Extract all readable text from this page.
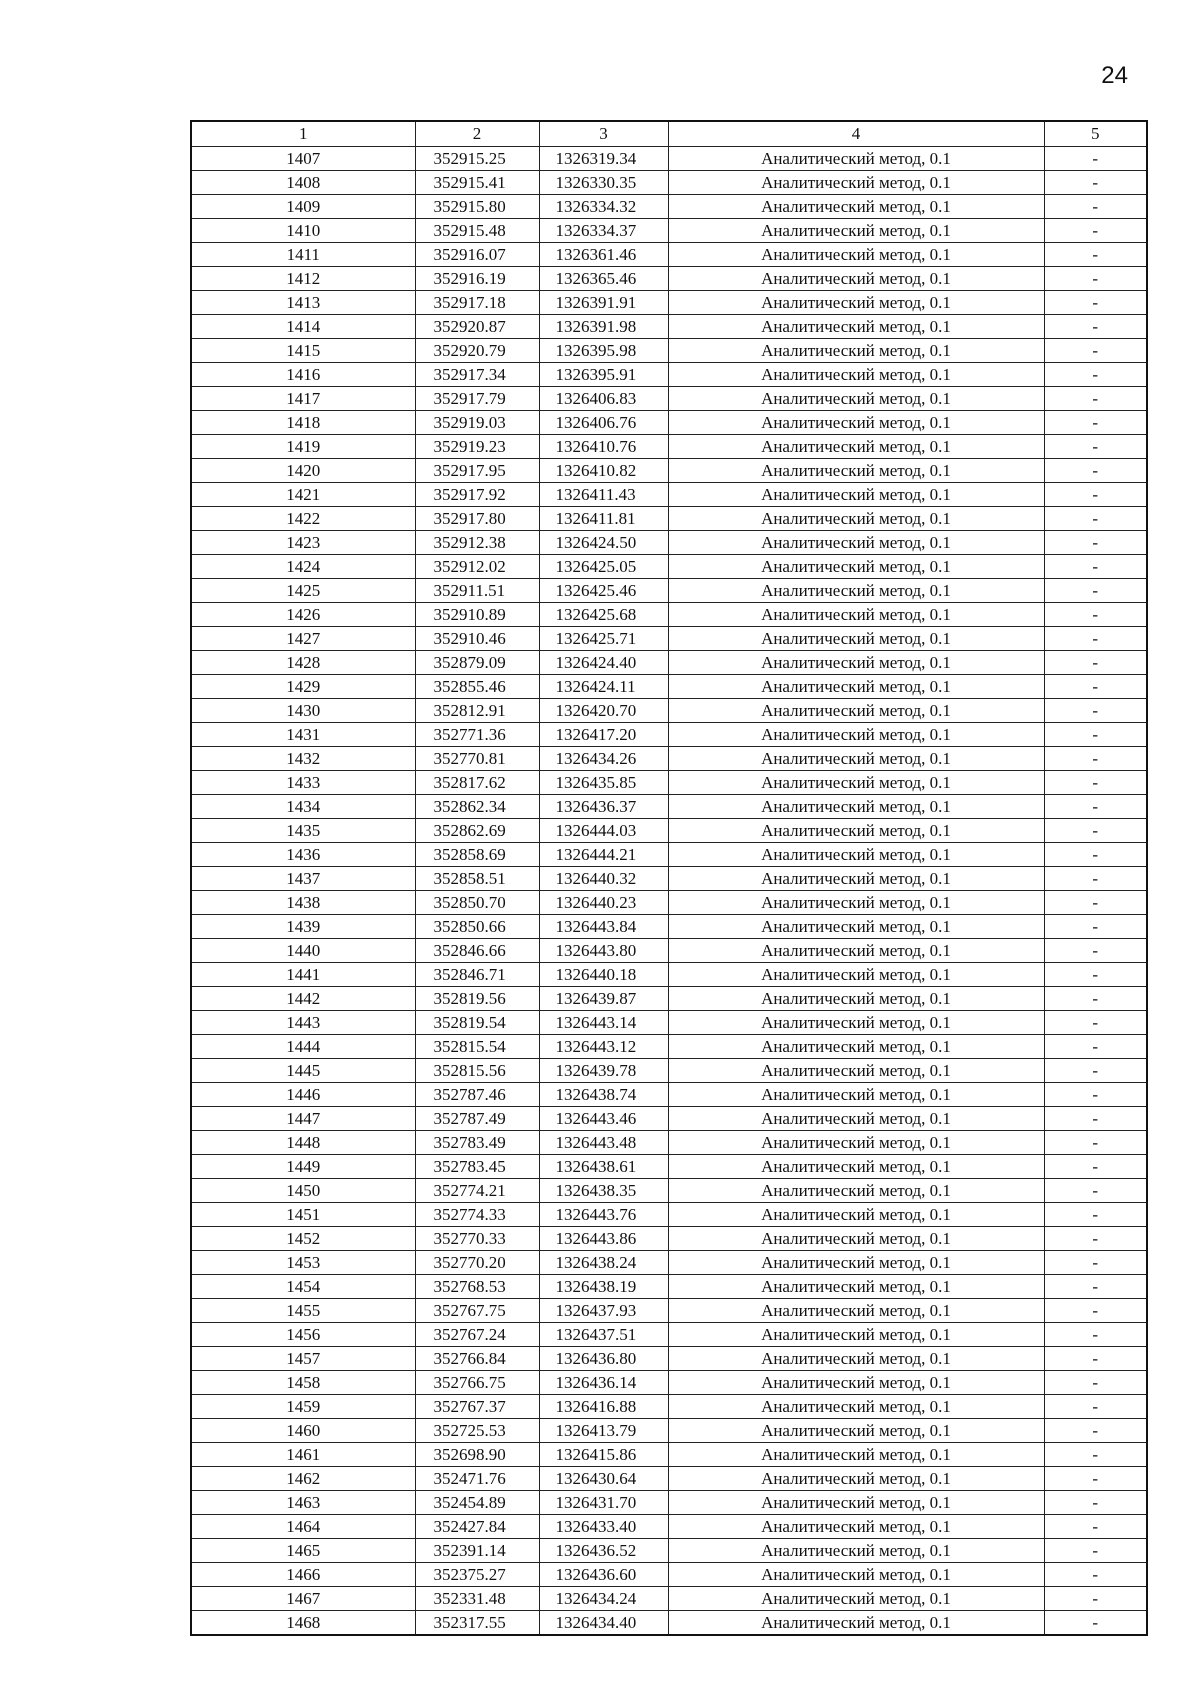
24
1	2	3	4	5
1407	352915.25	1326319.34	Аналитический метод, 0.1	-
1408	352915.41	1326330.35	Аналитический метод, 0.1	-
1409	352915.80	1326334.32	Аналитический метод, 0.1	-
1410	352915.48	1326334.37	Аналитический метод, 0.1	-
1411	352916.07	1326361.46	Аналитический метод, 0.1	-
1412	352916.19	1326365.46	Аналитический метод, 0.1	-
1413	352917.18	1326391.91	Аналитический метод, 0.1	-
1414	352920.87	1326391.98	Аналитический метод, 0.1	-
1415	352920.79	1326395.98	Аналитический метод, 0.1	-
1416	352917.34	1326395.91	Аналитический метод, 0.1	-
1417	352917.79	1326406.83	Аналитический метод, 0.1	-
1418	352919.03	1326406.76	Аналитический метод, 0.1	-
1419	352919.23	1326410.76	Аналитический метод, 0.1	-
1420	352917.95	1326410.82	Аналитический метод, 0.1	-
1421	352917.92	1326411.43	Аналитический метод, 0.1	-
1422	352917.80	1326411.81	Аналитический метод, 0.1	-
1423	352912.38	1326424.50	Аналитический метод, 0.1	-
1424	352912.02	1326425.05	Аналитический метод, 0.1	-
1425	352911.51	1326425.46	Аналитический метод, 0.1	-
1426	352910.89	1326425.68	Аналитический метод, 0.1	-
1427	352910.46	1326425.71	Аналитический метод, 0.1	-
1428	352879.09	1326424.40	Аналитический метод, 0.1	-
1429	352855.46	1326424.11	Аналитический метод, 0.1	-
1430	352812.91	1326420.70	Аналитический метод, 0.1	-
1431	352771.36	1326417.20	Аналитический метод, 0.1	-
1432	352770.81	1326434.26	Аналитический метод, 0.1	-
1433	352817.62	1326435.85	Аналитический метод, 0.1	-
1434	352862.34	1326436.37	Аналитический метод, 0.1	-
1435	352862.69	1326444.03	Аналитический метод, 0.1	-
1436	352858.69	1326444.21	Аналитический метод, 0.1	-
1437	352858.51	1326440.32	Аналитический метод, 0.1	-
1438	352850.70	1326440.23	Аналитический метод, 0.1	-
1439	352850.66	1326443.84	Аналитический метод, 0.1	-
1440	352846.66	1326443.80	Аналитический метод, 0.1	-
1441	352846.71	1326440.18	Аналитический метод, 0.1	-
1442	352819.56	1326439.87	Аналитический метод, 0.1	-
1443	352819.54	1326443.14	Аналитический метод, 0.1	-
1444	352815.54	1326443.12	Аналитический метод, 0.1	-
1445	352815.56	1326439.78	Аналитический метод, 0.1	-
1446	352787.46	1326438.74	Аналитический метод, 0.1	-
1447	352787.49	1326443.46	Аналитический метод, 0.1	-
1448	352783.49	1326443.48	Аналитический метод, 0.1	-
1449	352783.45	1326438.61	Аналитический метод, 0.1	-
1450	352774.21	1326438.35	Аналитический метод, 0.1	-
1451	352774.33	1326443.76	Аналитический метод, 0.1	-
1452	352770.33	1326443.86	Аналитический метод, 0.1	-
1453	352770.20	1326438.24	Аналитический метод, 0.1	-
1454	352768.53	1326438.19	Аналитический метод, 0.1	-
1455	352767.75	1326437.93	Аналитический метод, 0.1	-
1456	352767.24	1326437.51	Аналитический метод, 0.1	-
1457	352766.84	1326436.80	Аналитический метод, 0.1	-
1458	352766.75	1326436.14	Аналитический метод, 0.1	-
1459	352767.37	1326416.88	Аналитический метод, 0.1	-
1460	352725.53	1326413.79	Аналитический метод, 0.1	-
1461	352698.90	1326415.86	Аналитический метод, 0.1	-
1462	352471.76	1326430.64	Аналитический метод, 0.1	-
1463	352454.89	1326431.70	Аналитический метод, 0.1	-
1464	352427.84	1326433.40	Аналитический метод, 0.1	-
1465	352391.14	1326436.52	Аналитический метод, 0.1	-
1466	352375.27	1326436.60	Аналитический метод, 0.1	-
1467	352331.48	1326434.24	Аналитический метод, 0.1	-
1468	352317.55	1326434.40	Аналитический метод, 0.1	-
